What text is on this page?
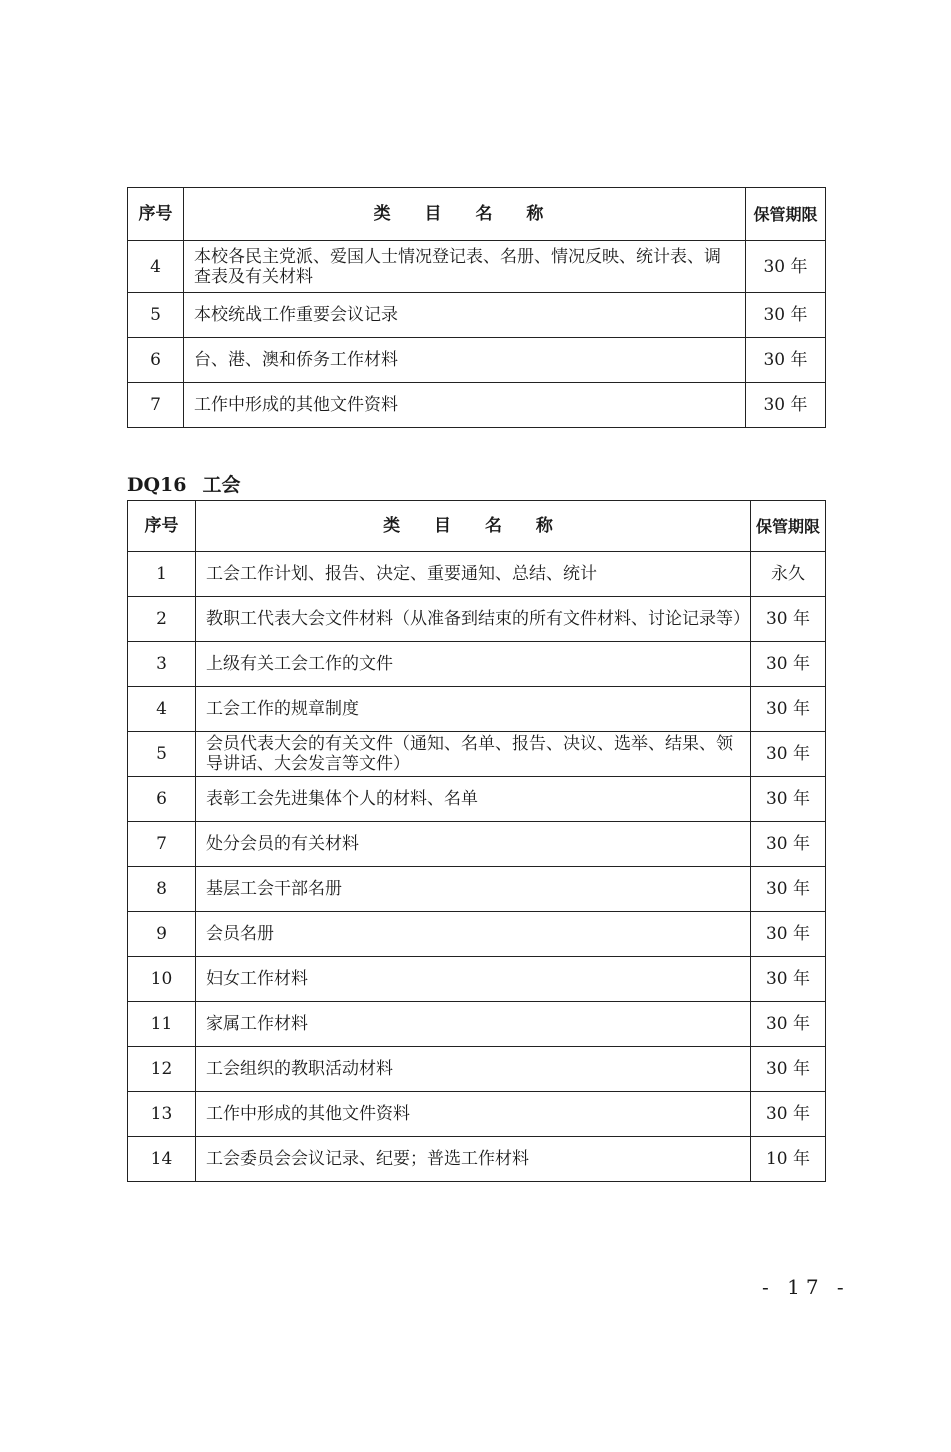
序号	类 目 名 称	保管期限
4	本校各民主党派、爱国人士情况登记表、名册、情况反映、统计表、调查表及有关材料	30 年
5	本校统战工作重要会议记录	30 年
6	台、港、澳和侨务工作材料	30 年
7	工作中形成的其他文件资料	30 年
DQ16 工会
序号	类 目 名 称	保管期限
1	工会工作计划、报告、决定、重要通知、总结、统计	永久
2	教职工代表大会文件材料（从准备到结束的所有文件材料、讨论记录等）	30 年
3	上级有关工会工作的文件	30 年
4	工会工作的规章制度	30 年
5	会员代表大会的有关文件（通知、名单、报告、决议、选举、结果、领导讲话、大会发言等文件）	30 年
6	表彰工会先进集体个人的材料、名单	30 年
7	处分会员的有关材料	30 年
8	基层工会干部名册	30 年
9	会员名册	30 年
10	妇女工作材料	30 年
11	家属工作材料	30 年
12	工会组织的教职活动材料	30 年
13	工作中形成的其他文件资料	30 年
14	工会委员会会议记录、纪要；普选工作材料	10 年
- 17 -
